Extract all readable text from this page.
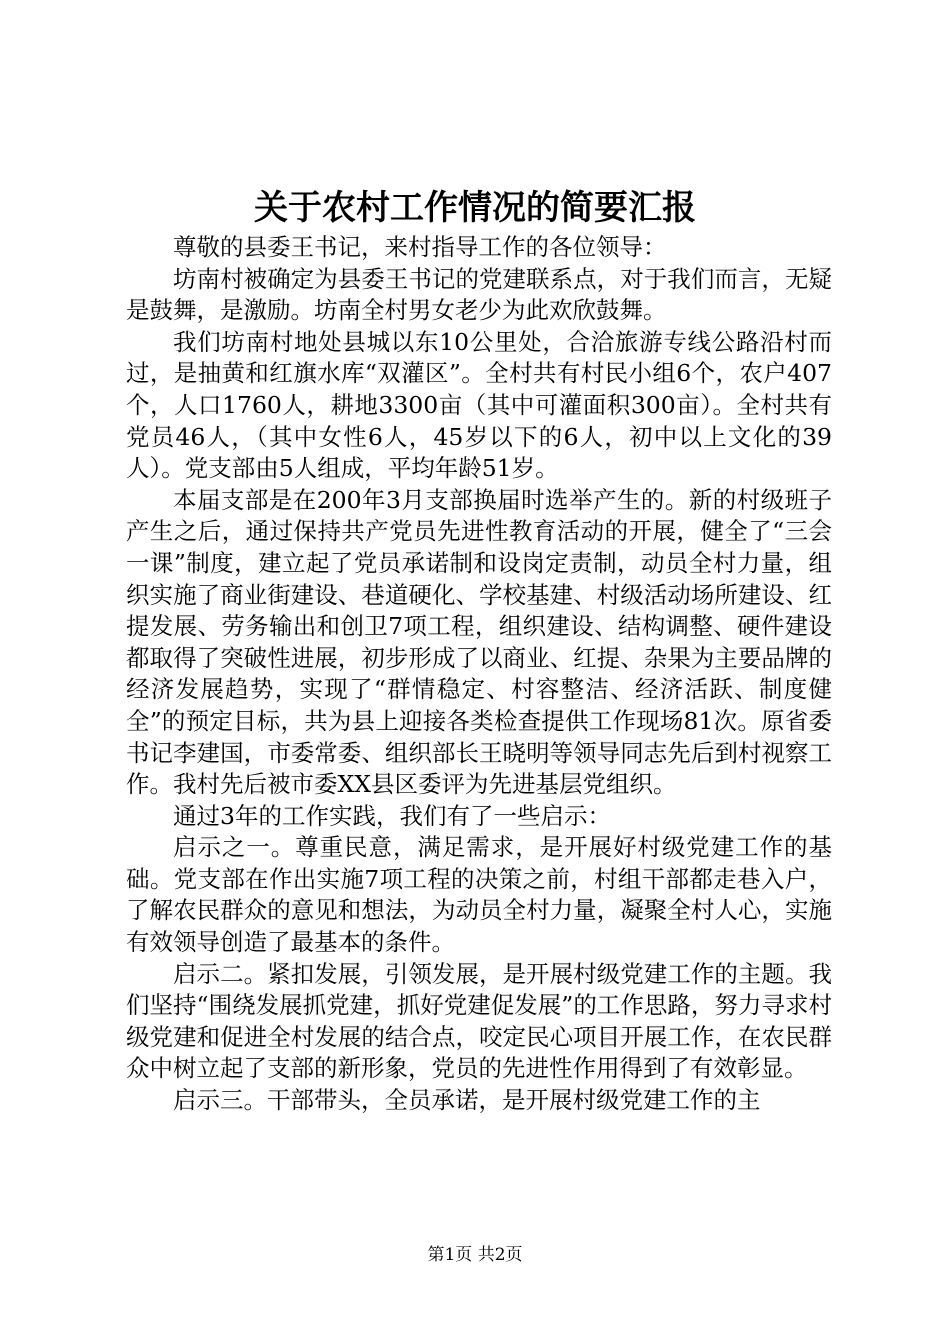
关于农村工作情况的简要汇报

尊敬的县委王书记，来村指导工作的各位领导：

坊南村被确定为县委王书记的党建联系点，对于我们而言，无疑是鼓舞，是激励。坊南全村男女老少为此欢欣鼓舞。

我们坊南村地处县城以东10公里处，合洽旅游专线公路沿村而过，是抽黄和红旗水库“双灌区”。全村共有村民小组6个，农户407个，人口1760人，耕地3300亩（其中可灌面积300亩）。全村共有党员46人，（其中女性6人，45岁以下的6人，初中以上文化的39人）。党支部由5人组成，平均年龄51岁。

本届支部是在200年3月支部换届时选举产生的。新的村级班子产生之后，通过保持共产党员先进性教育活动的开展，健全了“三会一课”制度，建立起了党员承诺制和设岗定责制，动员全村力量，组织实施了商业街建设、巷道硬化、学校基建、村级活动场所建设、红提发展、劳务输出和创卫7项工程，组织建设、结构调整、硬件建设都取得了突破性进展，初步形成了以商业、红提、杂果为主要品牌的经济发展趋势，实现了“群情稳定、村容整洁、经济活跃、制度健全”的预定目标，共为县上迎接各类检查提供工作现场81次。原省委书记李建国，市委常委、组织部长王晓明等领导同志先后到村视察工作。我村先后被市委XX县区委评为先进基层党组织。

通过3年的工作实践，我们有了一些启示：

启示之一。尊重民意，满足需求，是开展好村级党建工作的基础。党支部在作出实施7项工程的决策之前，村组干部都走巷入户，了解农民群众的意见和想法，为动员全村力量，凝聚全村人心，实施有效领导创造了最基本的条件。

启示二。紧扣发展，引领发展，是开展村级党建工作的主题。我们坚持“围绕发展抓党建，抓好党建促发展”的工作思路，努力寻求村级党建和促进全村发展的结合点，咬定民心项目开展工作，在农民群众中树立起了支部的新形象，党员的先进性作用得到了有效彰显。

启示三。干部带头，全员承诺，是开展村级党建工作的主

第1页 共2页
